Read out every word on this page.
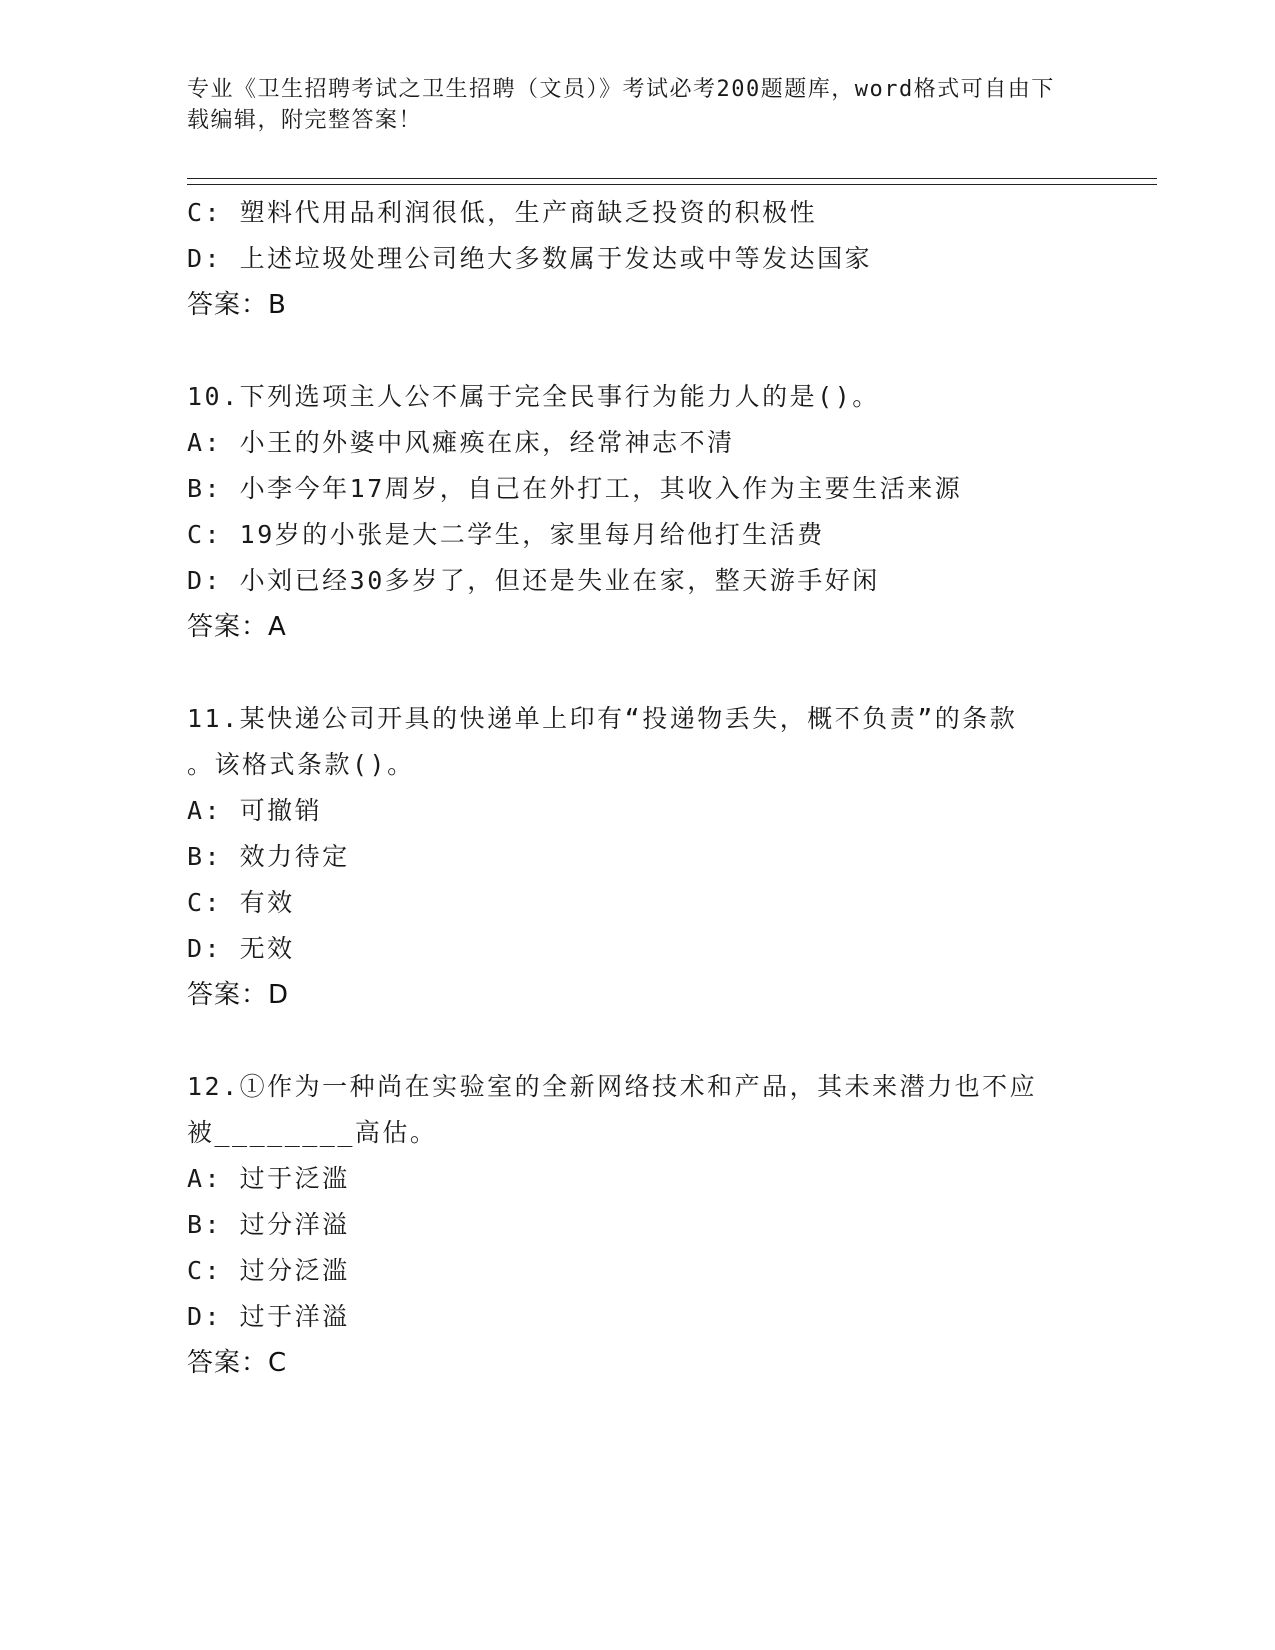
专业《卫生招聘考试之卫生招聘（文员）》考试必考200题题库，word格式可自由下载编辑，附完整答案！
C: 塑料代用品利润很低，生产商缺乏投资的积极性
D: 上述垃圾处理公司绝大多数属于发达或中等发达国家
答案：B
10.下列选项主人公不属于完全民事行为能力人的是()。
A: 小王的外婆中风瘫痪在床，经常神志不清
B: 小李今年17周岁，自己在外打工，其收入作为主要生活来源
C: 19岁的小张是大二学生，家里每月给他打生活费
D: 小刘已经30多岁了，但还是失业在家，整天游手好闲
答案：A
11.某快递公司开具的快递单上印有“投递物丢失，概不负责”的条款
。该格式条款()。
A: 可撤销
B: 效力待定
C: 有效
D: 无效
答案：D
12.①作为一种尚在实验室的全新网络技术和产品，其未来潜力也不应
被________高估。
A: 过于泛滥
B: 过分洋溢
C: 过分泛滥
D: 过于洋溢
答案：C
